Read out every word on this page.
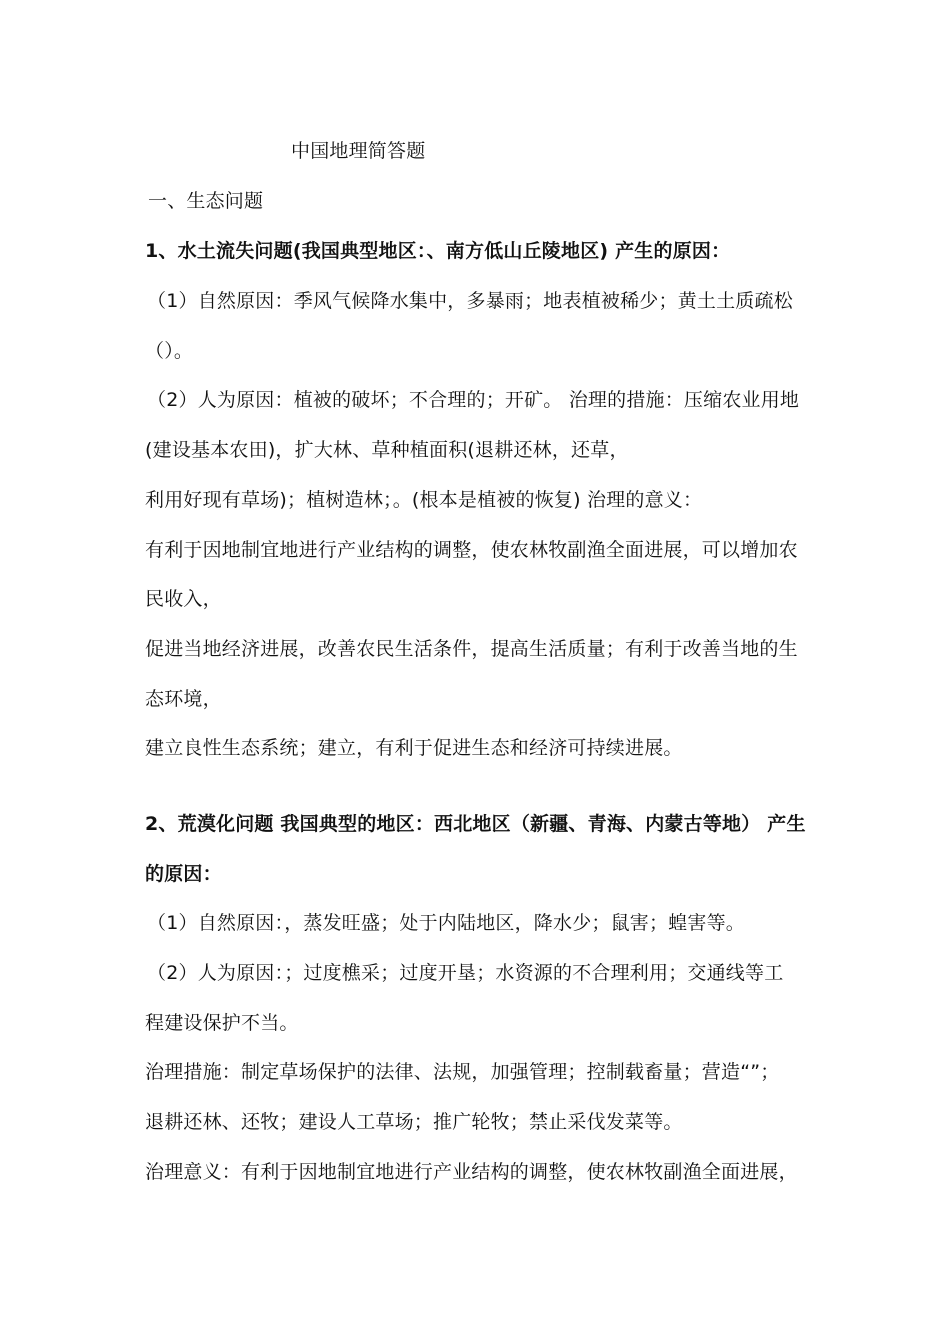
中国地理简答题
一、生态问题
1、水土流失问题(我国典型地区：、南方低山丘陵地区) 产生的原因：
（1）自然原因：季风气候降水集中，多暴雨；地表植被稀少；黄土土质疏松
（）。
（2）人为原因：植被的破坏；不合理的；开矿。 治理的措施：压缩农业用地
(建设基本农田)，扩大林、草种植面积(退耕还林，还草，
利用好现有草场)；植树造林；。(根本是植被的恢复) 治理的意义：
有利于因地制宜地进行产业结构的调整，使农林牧副渔全面进展，可以增加农
民收入，
促进当地经济进展，改善农民生活条件，提高生活质量；有利于改善当地的生
态环境，
建立良性生态系统；建立，有利于促进生态和经济可持续进展。
2、荒漠化问题 我国典型的地区：西北地区（新疆、青海、内蒙古等地） 产生
的原因：
（1）自然原因：，蒸发旺盛；处于内陆地区，降水少；鼠害；蝗害等。
（2）人为原因：；过度樵采；过度开垦；水资源的不合理利用；交通线等工
程建设保护不当。
治理措施：制定草场保护的法律、法规，加强管理；控制载畜量；营造“”；
退耕还林、还牧；建设人工草场；推广轮牧；禁止采伐发菜等。
治理意义：有利于因地制宜地进行产业结构的调整，使农林牧副渔全面进展，
